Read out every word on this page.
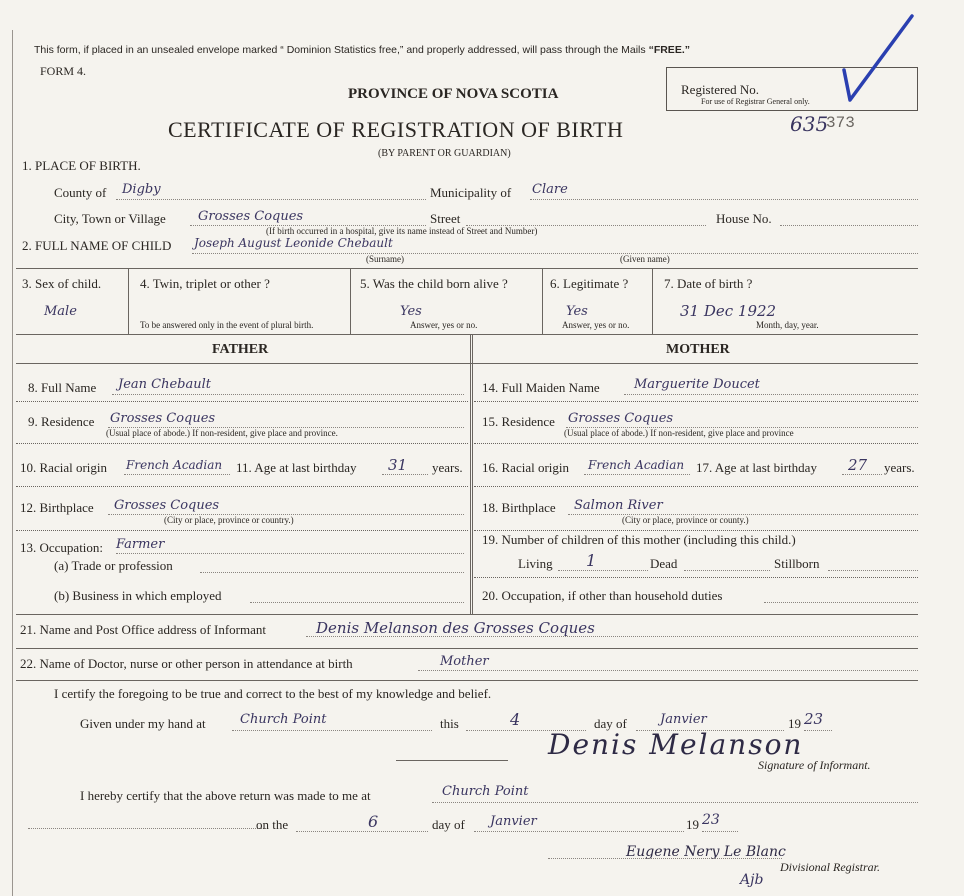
This form, if placed in an unsealed envelope marked “ Dominion Statistics free,” and properly addressed, will pass through the Mails “FREE.”
FORM 4.
PROVINCE OF NOVA SCOTIA
CERTIFICATE OF REGISTRATION OF BIRTH
(BY PARENT OR GUARDIAN)
Registered No.
For use of Registrar General only.
635
373
1. PLACE OF BIRTH.
County of Digby	Municipality of Clare
City, Town or Village Grosses Coques	Street	House No.
(If birth occurred in a hospital, give its name instead of Street and Number)
2. FULL NAME OF CHILD Joseph August Leonide Chebault
(Surname)	(Given name)
3. Sex of child.
Male
4. Twin, triplet or other ?
To be answered only in the event of plural birth.
5. Was the child born alive ?
Yes
Answer, yes or no.
6. Legitimate ?
Yes
Answer, yes or no.
7. Date of birth ?
31 Dec 1922
Month, day, year.
FATHER	MOTHER
8. Full Name Jean Chebault
9. Residence Grosses Coques
(Usual place of abode.) If non-resident, give place and province.
10. Racial origin French Acadian 11. Age at last birthday 31 years.
12. Birthplace Grosses Coques
(City or place, province or country.)
13. Occupation: Farmer
(a) Trade or profession
(b) Business in which employed
14. Full Maiden Name	Marguerite Doucet
15. Residence Grosses Coques
(Usual place of abode.) If non-resident, give place and province
16. Racial origin French Acadian 17. Age at last birthday 27 years.
18. Birthplace Salmon River
(City or place, province or county.)
19. Number of children of this mother (including this child.)
Living 1	Dead	Stillborn
20. Occupation, if other than household duties
21. Name and Post Office address of Informant	Denis Melanson des Grosses Coques
22. Name of Doctor, nurse or other person in attendance at birth	Mother
I certify the foregoing to be true and correct to the best of my knowledge and belief.
Given under my hand at	Church Point	this	4	day of	Janvier	19 23
Denis Melanson
Signature of Informant.
I hereby certify that the above return was made to me at	Church Point
on the	6	day of Janvier	19 23
Eugene Nery Le Blanc
Divisional Registrar.
Ajb
